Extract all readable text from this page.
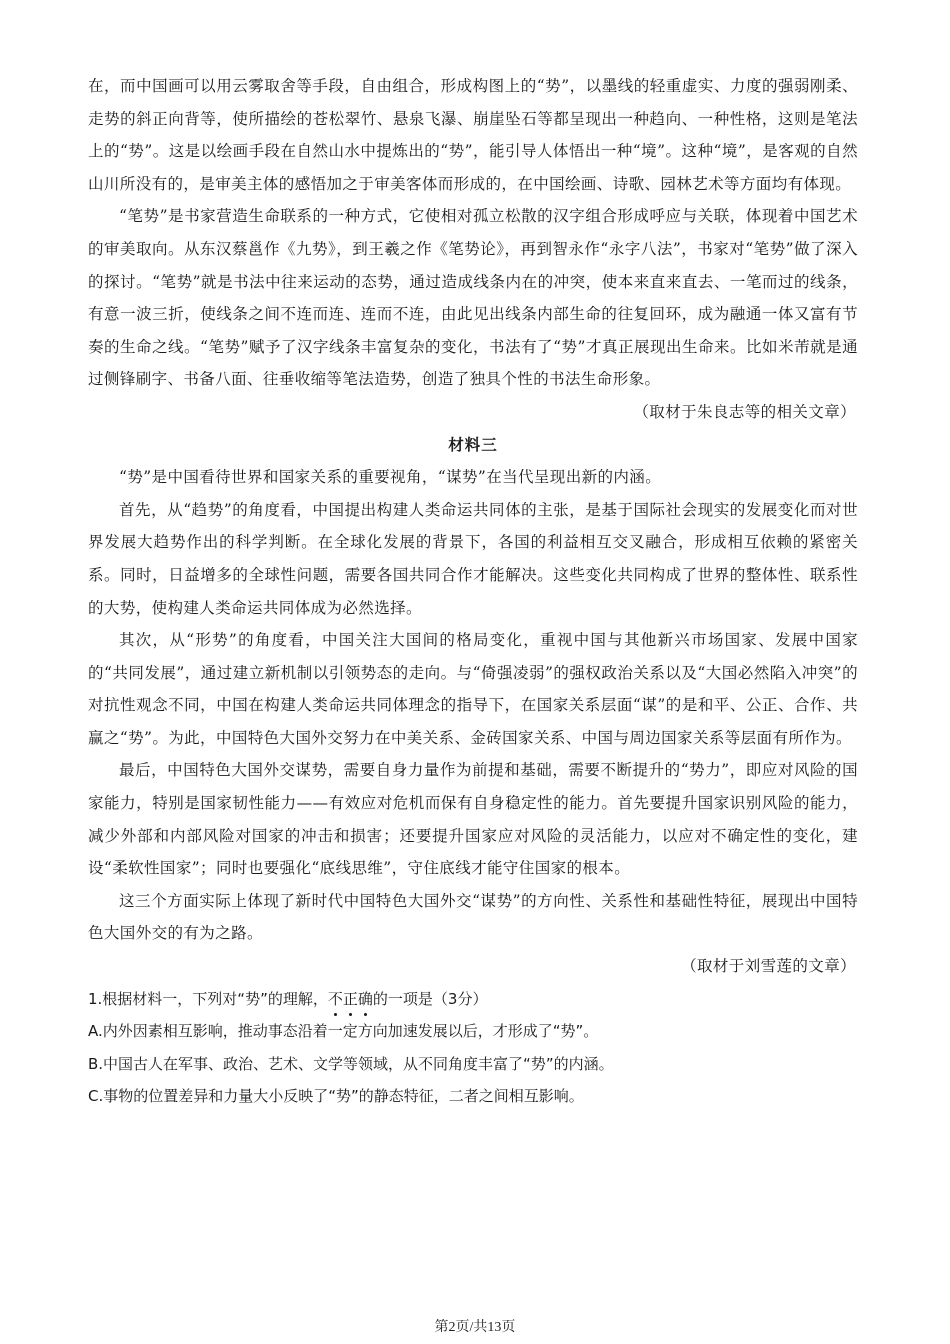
在，而中国画可以用云雾取舍等手段，自由组合，形成构图上的“势”，以墨线的轻重虚实、力度的强弱刚柔、走势的斜正向背等，使所描绘的苍松翠竹、悬泉飞瀑、崩崖坠石等都呈现出一种趋向、一种性格，这则是笔法上的“势”。这是以绘画手段在自然山水中提炼出的“势”，能引导人体悟出一种“境”。这种“境”，是客观的自然山川所没有的，是审美主体的感悟加之于审美客体而形成的，在中国绘画、诗歌、园林艺术等方面均有体现。

“笔势”是书家营造生命联系的一种方式，它使相对孤立松散的汉字组合形成呼应与关联，体现着中国艺术的审美取向。从东汉蔡邕作《九势》，到王羲之作《笔势论》，再到智永作“永字八法”，书家对“笔势”做了深入的探讨。“笔势”就是书法中往来运动的态势，通过造成线条内在的冲突，使本来直来直去、一笔而过的线条，有意一波三折，使线条之间不连而连、连而不连，由此见出线条内部生命的往复回环，成为融通一体又富有节奏的生命之线。“笔势”赋予了汉字线条丰富复杂的变化，书法有了“势”才真正展现出生命来。比如米芾就是通过侧锋刷字、书备八面、往垂收缩等笔法造势，创造了独具个性的书法生命形象。

（取材于朱良志等的相关文章）

材料三

“势”是中国看待世界和国家关系的重要视角，“谋势”在当代呈现出新的内涵。

首先，从“趋势”的角度看，中国提出构建人类命运共同体的主张，是基于国际社会现实的发展变化而对世界发展大趋势作出的科学判断。在全球化发展的背景下，各国的利益相互交叉融合，形成相互依赖的紧密关系。同时，日益增多的全球性问题，需要各国共同合作才能解决。这些变化共同构成了世界的整体性、联系性的大势，使构建人类命运共同体成为必然选择。

其次，从“形势”的角度看，中国关注大国间的格局变化，重视中国与其他新兴市场国家、发展中国家的“共同发展”，通过建立新机制以引领势态的走向。与“倚强凌弱”的强权政治关系以及“大国必然陷入冲突”的对抗性观念不同，中国在构建人类命运共同体理念的指导下，在国家关系层面“谋”的是和平、公正、合作、共赢之“势”。为此，中国特色大国外交努力在中美关系、金砖国家关系、中国与周边国家关系等层面有所作为。

最后，中国特色大国外交谋势，需要自身力量作为前提和基础，需要不断提升的“势力”，即应对风险的国家能力，特别是国家韧性能力——有效应对危机而保有自身稳定性的能力。首先要提升国家识别风险的能力，减少外部和内部风险对国家的冲击和损害；还要提升国家应对风险的灵活能力，以应对不确定性的变化，建设“柔软性国家”；同时也要强化“底线思维”，守住底线才能守住国家的根本。

这三个方面实际上体现了新时代中国特色大国外交“谋势”的方向性、关系性和基础性特征，展现出中国特色大国外交的有为之路。

（取材于刘雪莲的文章）

1.根据材料一，下列对“势”的理解，不正确的一项是（3分）

A.内外因素相互影响，推动事态沿着一定方向加速发展以后，才形成了“势”。

B.中国古人在军事、政治、艺术、文学等领域，从不同角度丰富了“势”的内涵。

C.事物的位置差异和力量大小反映了“势”的静态特征，二者之间相互影响。

第2页/共13页
